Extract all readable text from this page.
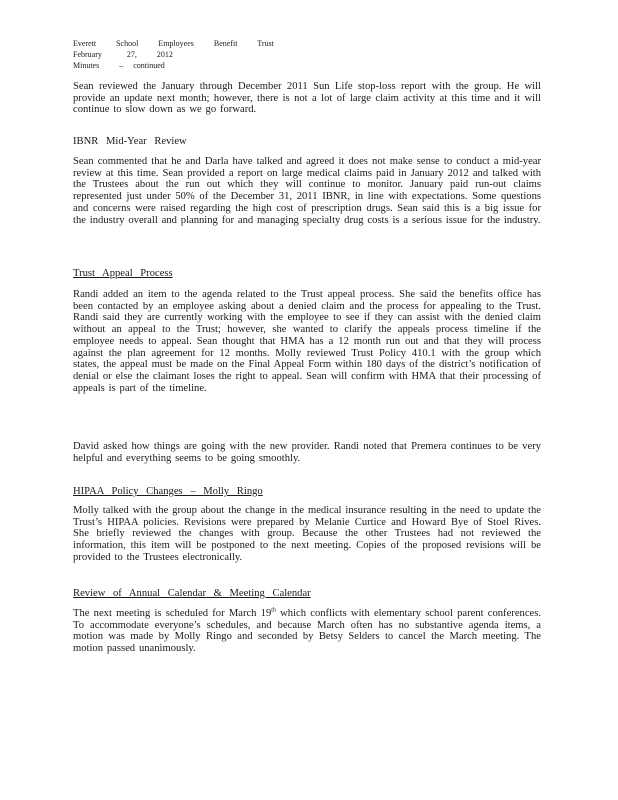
Everett    School    Employees    Benefit    Trust
February     27,    2012
Minutes    –  continued

Sean reviewed the January through December 2011 Sun Life stop-loss report with the group. He will provide an update next month; however, there is not a lot of large claim activity at this time and it will continue to slow down as we go forward.

IBNR Mid-Year Review

Sean commented that he and Darla have talked and agreed it does not make sense to conduct a mid-year review at this time. Sean provided a report on large medical claims paid in January 2012 and talked with the Trustees about the run out which they will continue to monitor. January paid run-out claims represented just under 50% of the December 31, 2011 IBNR, in line with expectations. Some questions and concerns were raised regarding the high cost of prescription drugs. Sean said this is a big issue for the industry overall and planning for and managing specialty drug costs is a serious issue for the industry.

Trust Appeal Process

Randi added an item to the agenda related to the Trust appeal process. She said the benefits office has been contacted by an employee asking about a denied claim and the process for appealing to the Trust. Randi said they are currently working with the employee to see if they can assist with the denied claim without an appeal to the Trust; however, she wanted to clarify the appeals process timeline if the employee needs to appeal. Sean thought that HMA has a 12 month run out and that they will process against the plan agreement for 12 months. Molly reviewed Trust Policy 410.1 with the group which states, the appeal must be made on the Final Appeal Form within 180 days of the district’s notification of denial or else the claimant loses the right to appeal. Sean will confirm with HMA that their processing of appeals is part of the timeline.

David asked how things are going with the new provider. Randi noted that Premera continues to be very helpful and everything seems to be going smoothly.

HIPAA Policy Changes – Molly Ringo

Molly talked with the group about the change in the medical insurance resulting in the need to update the Trust’s HIPAA policies. Revisions were prepared by Melanie Curtice and Howard Bye of Stoel Rives. She briefly reviewed the changes with group. Because the other Trustees had not reviewed the information, this item will be postponed to the next meeting. Copies of the proposed revisions will be provided to the Trustees electronically.

Review of Annual Calendar & Meeting Calendar

The next meeting is scheduled for March 19th which conflicts with elementary school parent conferences. To accommodate everyone’s schedules, and because March often has no substantive agenda items, a motion was made by Molly Ringo and seconded by Betsy Selders to cancel the March meeting. The motion passed unanimously.
